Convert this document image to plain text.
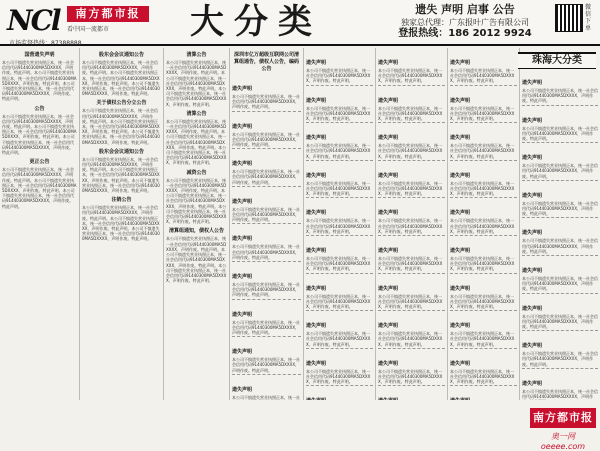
NCl	南方都市报
看中国一流都市
市场监督热线：87388888
大分类	遗失 声明 启事 公告
独家总代理：广东报叶广告有限公司
登报热线：186 2012 9924
微信下单
国营遗失声明

本公司不慎遗失营业执照正本，统一社会信用代码91440300MA5DXXXX，声明作废。特此声明。本公司不慎遗失营业执照正本，统一社会信用代码91440300MA5DXXXX，声明作废。特此声明。本公司不慎遗失营业执照正本，统一社会信用代码91440300MA5DXXXX，声明作废。特此声明。

公告

本公司不慎遗失营业执照正本，统一社会信用代码91440300MA5DXXXX，声明作废。特此声明。本公司不慎遗失营业执照正本，统一社会信用代码91440300MA5DXXXX，声明作废。特此声明。本公司不慎遗失营业执照正本，统一社会信用代码91440300MA5DXXXX，声明作废。特此声明。

更正公告

本公司不慎遗失营业执照正本，统一社会信用代码91440300MA5DXXXX，声明作废。特此声明。本公司不慎遗失营业执照正本，统一社会信用代码91440300MA5DXXXX，声明作废。特此声明。本公司不慎遗失营业执照正本，统一社会信用代码91440300MA5DXXXX，声明作废。特此声明。

股东会会议通知公告

本公司不慎遗失营业执照正本，统一社会信用代码91440300MA5DXXXX，声明作废。特此声明。本公司不慎遗失营业执照正本，统一社会信用代码91440300MA5DXXXX，声明作废。特此声明。本公司不慎遗失营业执照正本，统一社会信用代码91440300MA5DXXXX，声明作废。特此声明。

关于债权公告分立公告

本公司不慎遗失营业执照正本，统一社会信用代码91440300MA5DXXXX，声明作废。特此声明。本公司不慎遗失营业执照正本，统一社会信用代码91440300MA5DXXXX，声明作废。特此声明。本公司不慎遗失营业执照正本，统一社会信用代码91440300MA5DXXXX，声明作废。特此声明。

股东会会议通知公告

本公司不慎遗失营业执照正本，统一社会信用代码91440300MA5DXXXX，声明作废。特此声明。本公司不慎遗失营业执照正本，统一社会信用代码91440300MA5DXXXX，声明作废。特此声明。本公司不慎遗失营业执照正本，统一社会信用代码91440300MA5DXXXX，声明作废。特此声明。

注销公告

本公司不慎遗失营业执照正本，统一社会信用代码91440300MA5DXXXX，声明作废。特此声明。本公司不慎遗失营业执照正本，统一社会信用代码91440300MA5DXXXX，声明作废。特此声明。本公司不慎遗失营业执照正本，统一社会信用代码91440300MA5DXXXX，声明作废。特此声明。

清算公告

本公司不慎遗失营业执照正本，统一社会信用代码91440300MA5DXXXX，声明作废。特此声明。本公司不慎遗失营业执照正本，统一社会信用代码91440300MA5DXXXX，声明作废。特此声明。本公司不慎遗失营业执照正本，统一社会信用代码91440300MA5DXXXX，声明作废。特此声明。

清算公告

本公司不慎遗失营业执照正本，统一社会信用代码91440300MA5DXXXX，声明作废。特此声明。本公司不慎遗失营业执照正本，统一社会信用代码91440300MA5DXXXX，声明作废。特此声明。本公司不慎遗失营业执照正本，统一社会信用代码91440300MA5DXXXX，声明作废。特此声明。

减资公告

本公司不慎遗失营业执照正本，统一社会信用代码91440300MA5DXXXX，声明作废。特此声明。本公司不慎遗失营业执照正本，统一社会信用代码91440300MA5DXXXX，声明作废。特此声明。本公司不慎遗失营业执照正本，统一社会信用代码91440300MA5DXXXX，声明作废。特此声明。

清算组通知，债权人公告

本公司不慎遗失营业执照正本，统一社会信用代码91440300MA5DXXXX，声明作废。特此声明。本公司不慎遗失营业执照正本，统一社会信用代码91440300MA5DXXXX，声明作废。特此声明。本公司不慎遗失营业执照正本，统一社会信用代码91440300MA5DXXXX，声明作废。特此声明。

深圳市亿万超级互联网公司清算组通告，债权人公告，编码公告
遗失声明

本公司不慎遗失营业执照正本，统一社会信用代码91440300MA5DXXXX，声明作废。特此声明。

遗失声明

本公司不慎遗失营业执照正本，统一社会信用代码91440300MA5DXXXX，声明作废。特此声明。

遗失声明

本公司不慎遗失营业执照正本，统一社会信用代码91440300MA5DXXXX，声明作废。特此声明。

遗失声明

本公司不慎遗失营业执照正本，统一社会信用代码91440300MA5DXXXX，声明作废。特此声明。

遗失声明

本公司不慎遗失营业执照正本，统一社会信用代码91440300MA5DXXXX，声明作废。特此声明。

遗失声明

本公司不慎遗失营业执照正本，统一社会信用代码91440300MA5DXXXX，声明作废。特此声明。

遗失声明

本公司不慎遗失营业执照正本，统一社会信用代码91440300MA5DXXXX，声明作废。特此声明。

遗失声明

本公司不慎遗失营业执照正本，统一社会信用代码91440300MA5DXXXX，声明作废。特此声明。

遗失声明

本公司不慎遗失营业执照正本，统一社

遗失声明

本公司不慎遗失营业执照正本，统一社会信用代码91440300MA5DXXXX，声明作废。特此声明。

遗失声明

本公司不慎遗失营业执照正本，统一社会信用代码91440300MA5DXXXX，声明作废。特此声明。

遗失声明

本公司不慎遗失营业执照正本，统一社会信用代码91440300MA5DXXXX，声明作废。特此声明。

遗失声明

本公司不慎遗失营业执照正本，统一社会信用代码91440300MA5DXXXX，声明作废。特此声明。

遗失声明

本公司不慎遗失营业执照正本，统一社会信用代码91440300MA5DXXXX，声明作废。特此声明。

遗失声明

本公司不慎遗失营业执照正本，统一社会信用代码91440300MA5DXXXX，声明作废。特此声明。

遗失声明

本公司不慎遗失营业执照正本，统一社会信用代码91440300MA5DXXXX，声明作废。特此声明。

遗失声明

本公司不慎遗失营业执照正本，统一社会信用代码91440300MA5DXXXX，声明作废。特此声明。

遗失声明

本公司不慎遗失营业执照正本，统一社会信用代码91440300MA5DXXXX，声明作废。特此声明。

遗失声明

本公司不慎遗失营业执照正本，统一社会信用代码91440300MA5DXXXX，声明作废。特此声明。

遗失声明

本公司不慎遗失营业执照正本，统一社会信用代码91440300MA5DXXXX，声明作废。特此声明。

遗失声明

本公司不慎遗失营业执照正本，统一社会信用代码91440300MA5DXXXX，声明作废。特此声明。

遗失声明

本公司不慎遗失营业执照正本，统一社会信用代码91440300MA5DXXXX，声明作废。特此声明。

遗失声明

本公司不慎遗失营业执照正本，统一社会信用代码91440300MA5DXXXX，声明作废。特此声明。

遗失声明

本公司不慎遗失营业执照正本，统一社会信用代码91440300MA5DXXXX，声明作废。特此声明。

遗失声明

本公司不慎遗失营业执照正本，统一社会信用代码91440300MA5DXXXX，声明作废。特此声明。

遗失声明

本公司不慎遗失营业执照正本，统一社会信用代码91440300MA5DXXXX，声明作废。特此声明。

遗失声明

本公司不慎遗失营业执照正本，统一社会信用代码91440300MA5DXXXX，声明作废。特此声明。

遗失声明

本公司不慎遗失营业执照正本，统一社会信用代码91440300MA5DXXXX，声明作废。特此声明。

遗失声明

本公司不慎遗失营业执照正本，统一社会信用代码91440300MA5DXXXX，声明作废。特此声明。

遗失声明

本公司不慎遗失营业执照正本，统一社会信用代码91440300MA5DXXXX，声明作废。特此声明。

遗失声明

本公司不慎遗失营业执照正本，统一社会信用代码91440300MA5DXXXX，声明作废。特此声明。

遗失声明

本公司不慎遗失营业执照正本，统一社会信用代码91440300MA5DXXXX，声明作废。特此声明。

遗失声明

本公司不慎遗失营业执照正本，统一社会信用代码91440300MA5DXXXX，声明作废。特此声明。

遗失声明

本公司不慎遗失营业执照正本，统一社会信用代码91440300MA5DXXXX，声明作废。特此声明。

遗失声明

本公司不慎遗失营业执照正本，统一社会信用代码91440300MA5DXXXX，声明作废。特此声明。

遗失声明

本公司不慎遗失营业执照正本，统一社会信用代码91440300MA5DXXXX，声明作废。特此声明。

遗失声明

本公司不慎遗失营业执照正本，统一社会信用代码91440300MA5DXXXX，声明作废。特此声明。

遗失声明

本公司不慎遗失营业执照正本，统一社会信用代码91440300MA5DXXXX，声明作废。特此声明。

遗失声明

本公司不慎遗失营业执照正本，统一社会信用代码91440300MA5DXXXX，声明作废。特此声明。

遗失声明

本公司不慎遗失营业执照正本，统一社会信用代码91440300MA5DXXXX，声明作废。特此声明。

遗失声明

本公司不慎遗失营业执照正本，统一社会信用代码91440300MA5DXXXX，声明作废。特此声明。

遗失声明

本公司不慎遗失营业执照正本，统一社会信用代码91440300MA5DXXXX，声明作废。特此声明。

遗失声明

本公司不慎遗失营业执照正本，统一社会信用代码91440300MA5DXXXX，声明作废。特此声明。

遗失声明

本公司不慎遗失营业执照正本，统一社会信用代码91440300MA5DXXXX，声明作废。特此声明。

遗失声明

本公司不慎遗失营业执照正本，统一社会信用代码91440300MA5DXXXX，声明作

珠海大分类
南方都市报
奥一网 oeeee.com
